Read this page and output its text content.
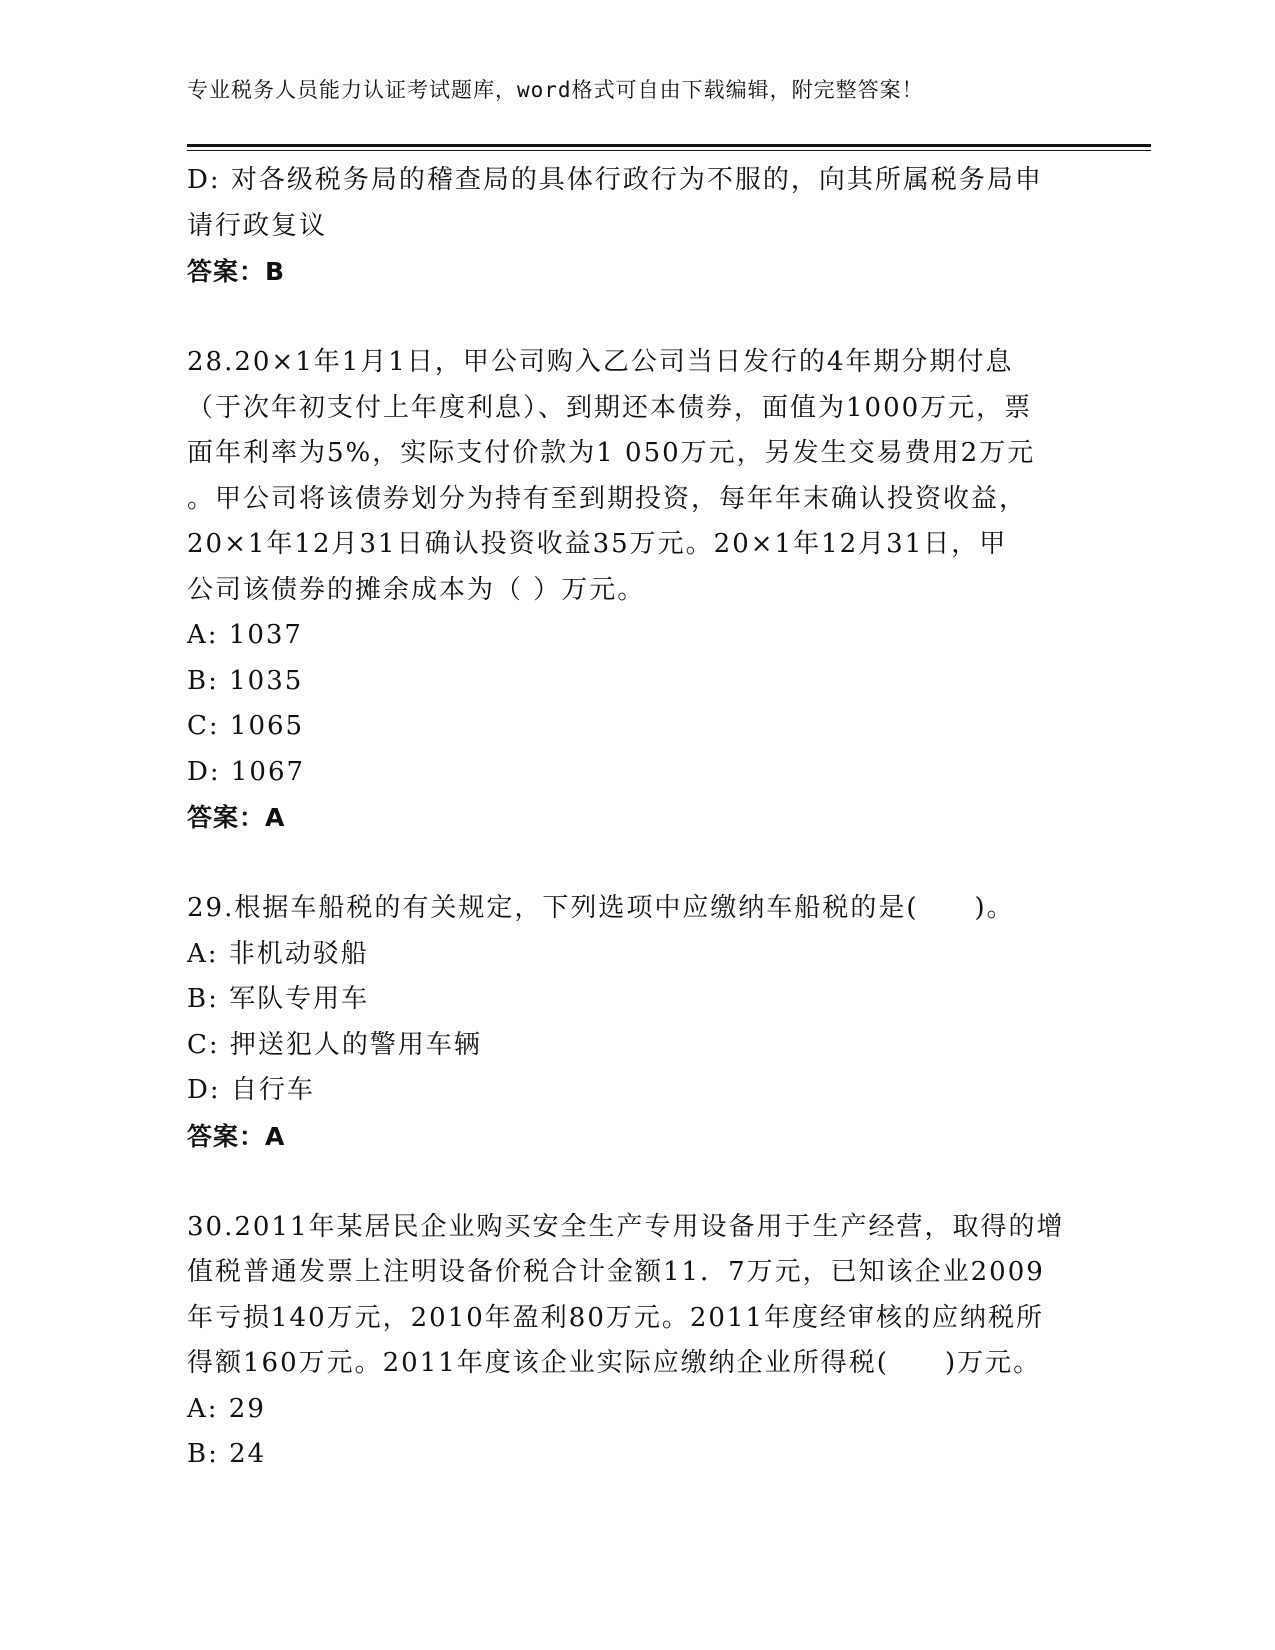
专业税务人员能力认证考试题库，word格式可自由下载编辑，附完整答案！
D: 对各级税务局的稽查局的具体行政行为不服的，向其所属税务局申
请行政复议
答案：B
28.20×1年1月1日，甲公司购入乙公司当日发行的4年期分期付息
（于次年初支付上年度利息）、到期还本债券，面值为1000万元，票
面年利率为5%，实际支付价款为1 050万元，另发生交易费用2万元
。甲公司将该债券划分为持有至到期投资，每年年末确认投资收益，
20×1年12月31日确认投资收益35万元。20×1年12月31日，甲
公司该债券的摊余成本为（ ）万元。
A: 1037
B: 1035
C: 1065
D: 1067
答案：A
29.根据车船税的有关规定，下列选项中应缴纳车船税的是(　　)。
A: 非机动驳船
B: 军队专用车
C: 押送犯人的警用车辆
D: 自行车
答案：A
30.2011年某居民企业购买安全生产专用设备用于生产经营，取得的增
值税普通发票上注明设备价税合计金额11．7万元，已知该企业2009
年亏损140万元，2010年盈利80万元。2011年度经审核的应纳税所
得额160万元。2011年度该企业实际应缴纳企业所得税(　　)万元。
A: 29
B: 24
